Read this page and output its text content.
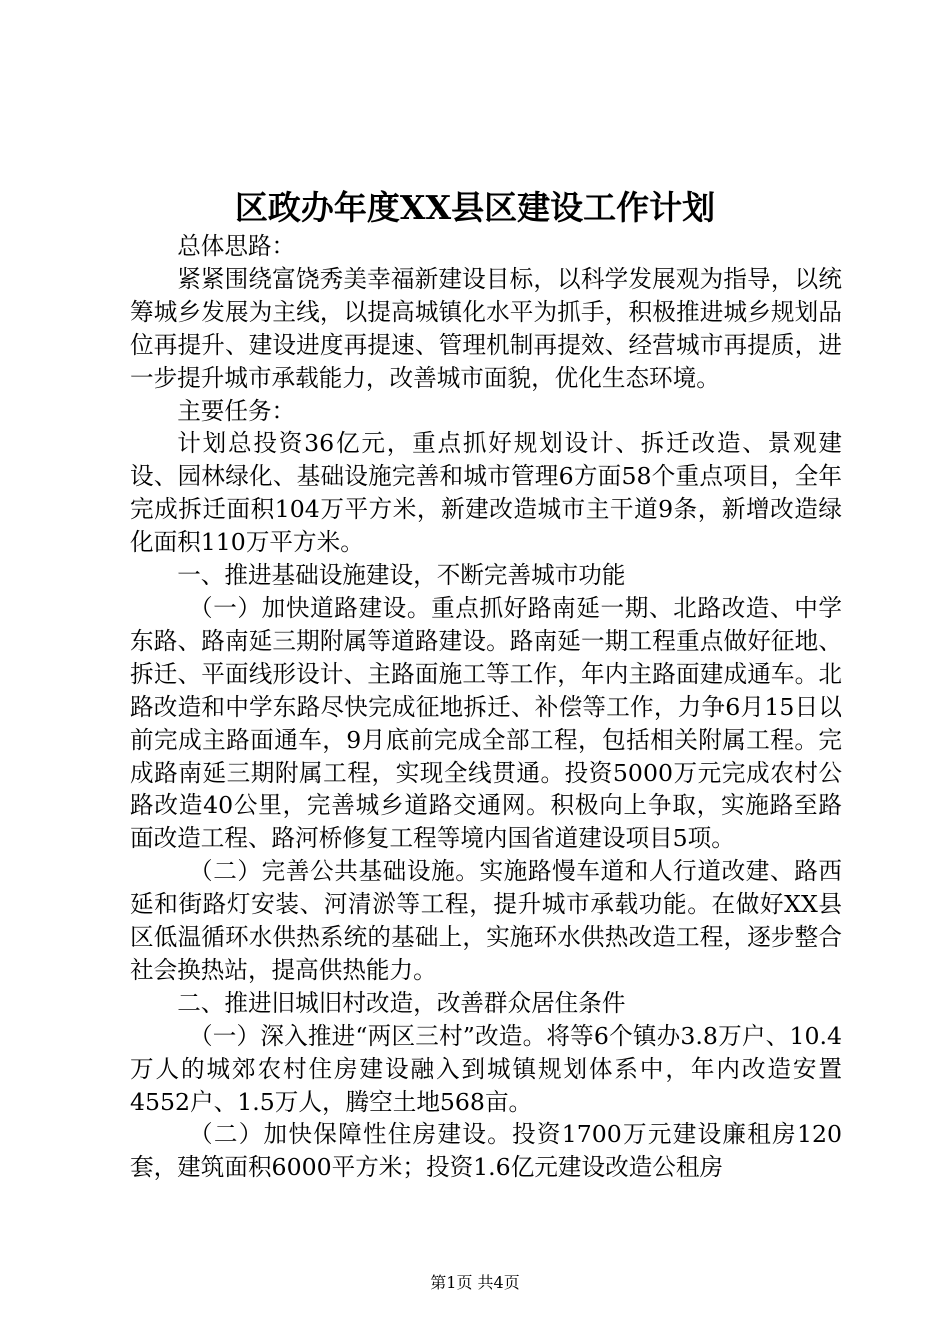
区政办年度XX县区建设工作计划

总体思路：

紧紧围绕富饶秀美幸福新建设目标，以科学发展观为指导，以统筹城乡发展为主线，以提高城镇化水平为抓手，积极推进城乡规划品位再提升、建设进度再提速、管理机制再提效、经营城市再提质，进一步提升城市承载能力，改善城市面貌，优化生态环境。

主要任务：

计划总投资36亿元，重点抓好规划设计、拆迁改造、景观建设、园林绿化、基础设施完善和城市管理6方面58个重点项目，全年完成拆迁面积104万平方米，新建改造城市主干道9条，新增改造绿化面积110万平方米。

一、推进基础设施建设，不断完善城市功能

（一）加快道路建设。重点抓好路南延一期、北路改造、中学东路、路南延三期附属等道路建设。路南延一期工程重点做好征地、拆迁、平面线形设计、主路面施工等工作，年内主路面建成通车。北路改造和中学东路尽快完成征地拆迁、补偿等工作，力争6月15日以前完成主路面通车，9月底前完成全部工程，包括相关附属工程。完成路南延三期附属工程，实现全线贯通。投资5000万元完成农村公路改造40公里，完善城乡道路交通网。积极向上争取，实施路至路面改造工程、路河桥修复工程等境内国省道建设项目5项。

（二）完善公共基础设施。实施路慢车道和人行道改建、路西延和街路灯安装、河清淤等工程，提升城市承载功能。在做好XX县区低温循环水供热系统的基础上，实施环水供热改造工程，逐步整合社会换热站，提高供热能力。

二、推进旧城旧村改造，改善群众居住条件

（一）深入推进“两区三村”改造。将等6个镇办3.8万户、10.4万人的城郊农村住房建设融入到城镇规划体系中，年内改造安置4552户、1.5万人，腾空土地568亩。

（二）加快保障性住房建设。投资1700万元建设廉租房120套，建筑面积6000平方米；投资1.6亿元建设改造公租房

第1页 共4页
